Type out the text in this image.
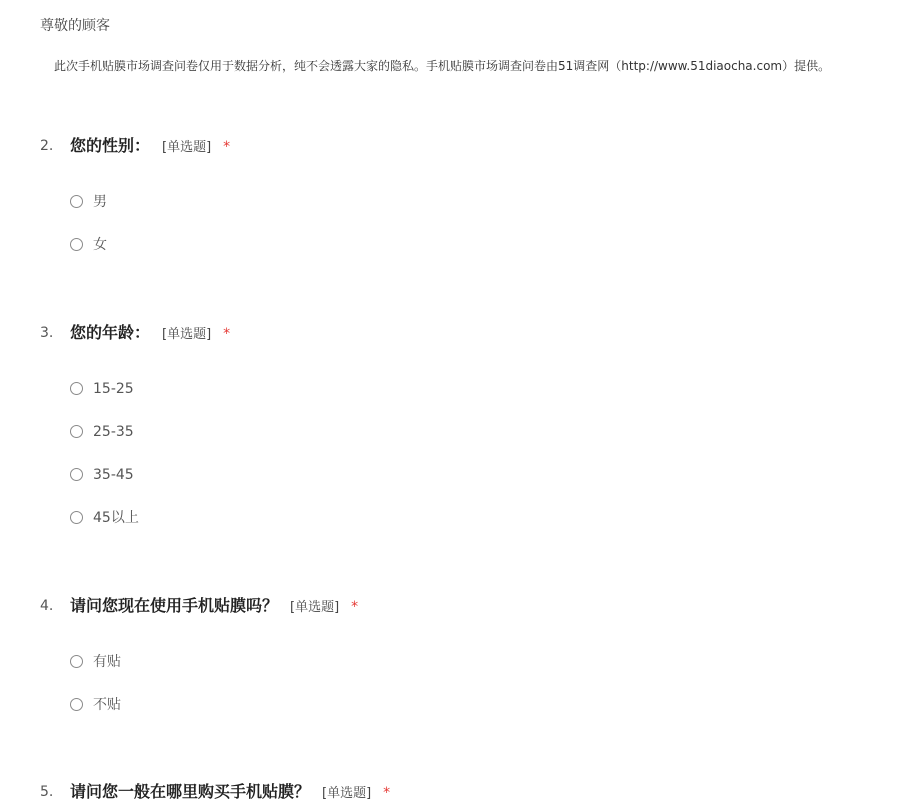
尊敬的顾客
此次手机贴膜市场调查问卷仅用于数据分析，纯不会透露大家的隐私。手机贴膜市场调查问卷由51调查网（http://www.51diaocha.com）提供。
2. 您的性别： [单选题] *
男
女
3. 您的年龄： [单选题] *
15-25
25-35
35-45
45以上
4. 请问您现在使用手机贴膜吗？ [单选题] *
有贴
不贴
5. 请问您一般在哪里购买手机贴膜？ [单选题] *
